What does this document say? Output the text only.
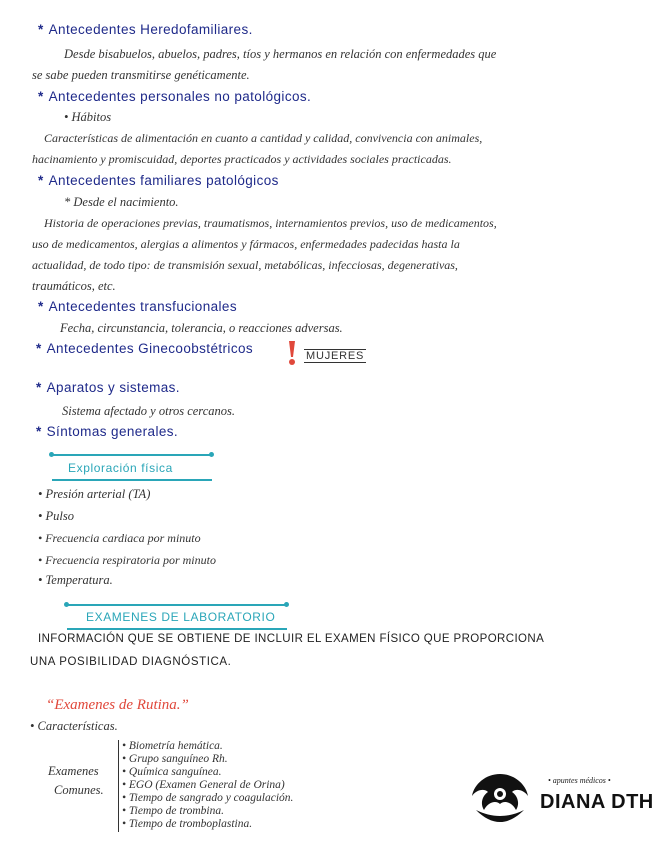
* Antecedentes Heredofamiliares.
Desde bisabuelos, abuelos, padres, tíos y hermanos en relación con enfermedades que
se sabe pueden transmitirse genéticamente.
* Antecedentes personales no patológicos.
• Hábitos
Características de alimentación en cuanto a cantidad y calidad, convivencia con animales,
hacinamiento y promiscuidad, deportes practicados y actividades sociales practicadas.
* Antecedentes familiares patológicos
* Desde el nacimiento.
Historia de operaciones previas, traumatismos, internamientos previos, uso de medicamentos,
uso de medicamentos, alergias a alimentos y fármacos, enfermedades padecidas hasta la
actualidad, de todo tipo: de transmisión sexual, metabólicas, infecciosas, degenerativas,
traumáticos, etc.
* Antecedentes transfucionales
Fecha, circunstancia, tolerancia, o reacciones adversas.
* Antecedentes Ginecoobstétricos	MUJERES
* Aparatos y sistemas.
Sistema afectado y otros cercanos.
* Síntomas generales.
Exploración física
• Presión arterial (TA)
• Pulso
• Frecuencia cardiaca por minuto
• Frecuencia respiratoria por minuto
• Temperatura.
EXAMENES DE LABORATORIO
INFORMACIÓN QUE SE OBTIENE DE INCLUIR EL EXAMEN FÍSICO QUE PROPORCIONA
UNA POSIBILIDAD DIAGNÓSTICA.
“Examenes de Rutina.”
• Características.
Examenes
Comunes.
• Biometría hemática.
• Grupo sanguíneo Rh.
• Química sanguínea.
• EGO (Examen General de Orina)
• Tiempo de sangrado y coagulación.
• Tiempo de trombina.
• Tiempo de tromboplastina.
• apuntes médicos •
DIANA DTH
